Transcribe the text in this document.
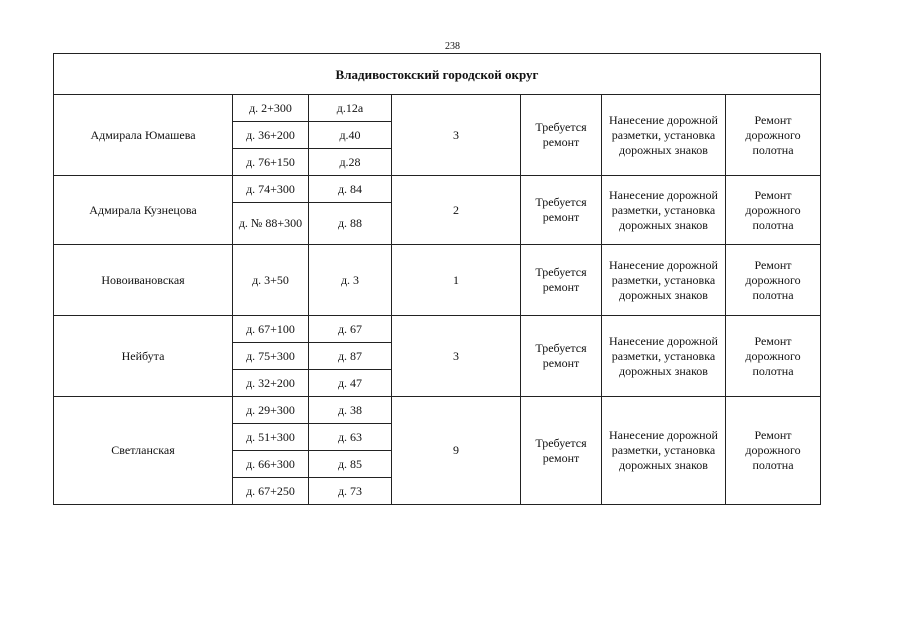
238
Владивостокский городской округ						
Адмирала Юмашева	д. 2+300	д.12а	3	Требуется ремонт	Нанесение дорожной разметки, установка дорожных знаков	Ремонт дорожного полотна
	д. 36+200	д.40				
	д. 76+150	д.28				
Адмирала Кузнецова	д. 74+300	д. 84	2	Требуется ремонт	Нанесение дорожной разметки, установка дорожных знаков	Ремонт дорожного полотна
	д. № 88+300	д. 88				
Новоивановская	д. 3+50	д. 3	1	Требуется ремонт	Нанесение дорожной разметки, установка дорожных знаков	Ремонт дорожного полотна
Нейбута	д. 67+100	д. 67	3	Требуется ремонт	Нанесение дорожной разметки, установка дорожных знаков	Ремонт дорожного полотна
	д. 75+300	д. 87				
	д. 32+200	д. 47				
Светланская	д. 29+300	д. 38	9	Требуется ремонт	Нанесение дорожной разметки, установка дорожных знаков	Ремонт дорожного полотна
	д. 51+300	д. 63				
	д. 66+300	д. 85				
	д. 67+250	д. 73				
